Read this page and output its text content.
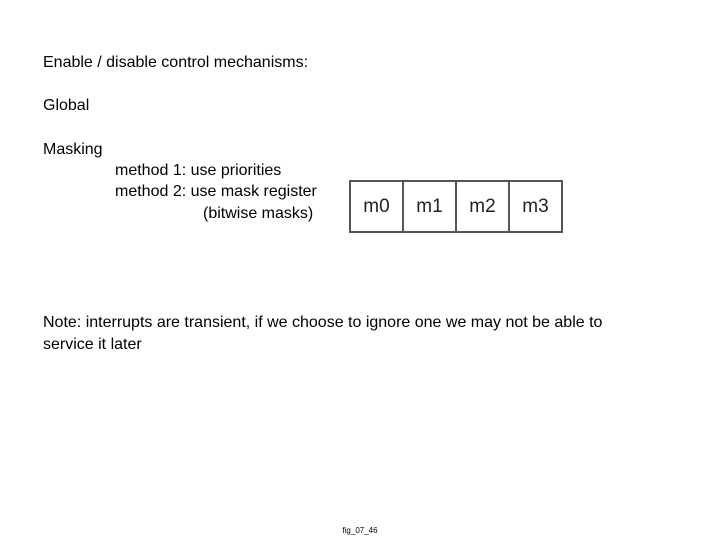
Enable / disable control mechanisms:

Global

Masking

method 1: use priorities

method 2: use mask register

(bitwise masks)	m0	m1	m2	m3

Note: interrupts are transient, if we choose to ignore one we may not be able to service it later

fig_07_46
